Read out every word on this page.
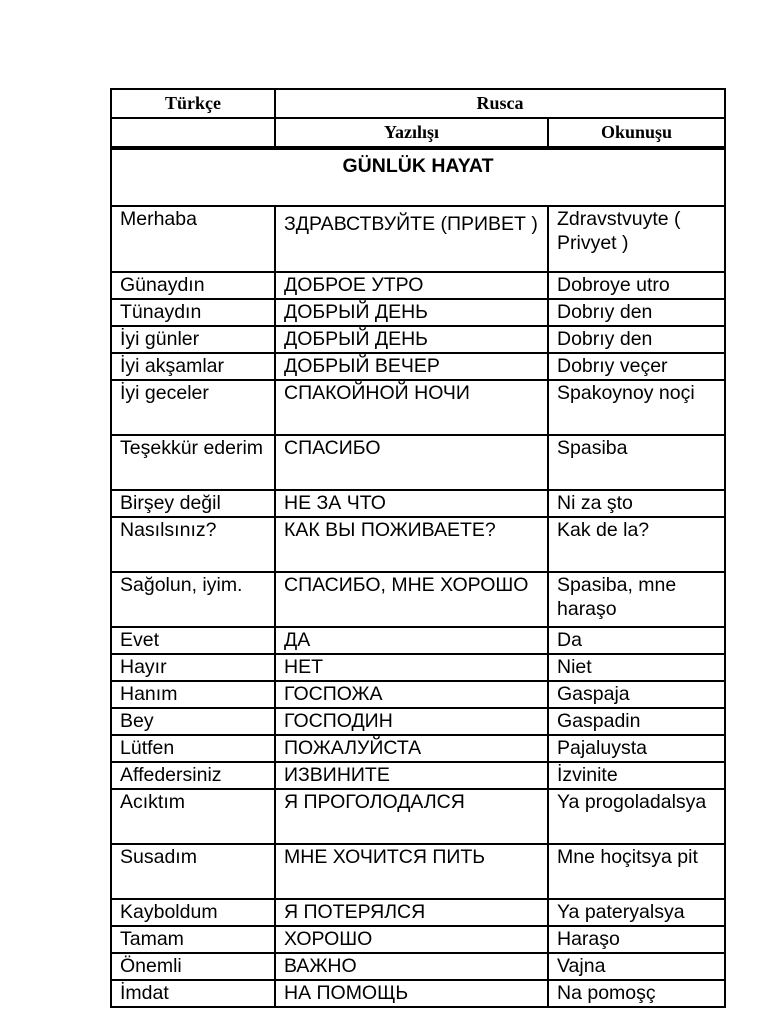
Türkçe	Rusca	
	Yazılışı	Okunuşu
GÜNLÜK HAYAT		
Merhaba	ЗДРАВСТВУЙТЕ (ПРИВЕТ )	Zdravstvuyte ( Privyet )
Günaydın	ДОБРОЕ УТРО	Dobroye utro
Tünaydın	ДОБРЫЙ ДЕНЬ	Dobrıy den
İyi günler	ДОБРЫЙ ДЕНЬ	Dobrıy den
İyi akşamlar	ДОБРЫЙ ВЕЧЕР	Dobrıy veçer
İyi geceler	СПАКОЙНОЙ НОЧИ	Spakoynoy noçi
Teşekkür ederim	СПАСИБО	Spasiba
Birşey değil	НЕ ЗА ЧТО	Ni za ştо
Nasılsınız?	КАК ВЫ ПОЖИВАЕТЕ?	Kak de la?
Sağolun, iyim.	СПАСИБО, МНЕ ХОРОШО	Spasiba, mne haraşo
Evet	ДА	Da
Hayır	НЕТ	Niet
Hanım	ГОСПОЖА	Gaspaja
Bey	ГОСПОДИН	Gaspadin
Lütfen	ПОЖАЛУЙСТА	Pajaluysta
Affedersiniz	ИЗВИНИТЕ	İzvinite
Acıktım	Я ПРОГОЛОДАЛСЯ	Ya progoladalsya
Susadım	МНЕ ХОЧИТСЯ ПИТЬ	Mne hoçitsya pit
Kayboldum	Я ПОТЕРЯЛСЯ	Ya pateryalsya
Tamam	ХОРОШО	Haraşo
Önemli	ВАЖНО	Vajna
İmdat	НА ПОМОЩЬ	Na pomoşç
